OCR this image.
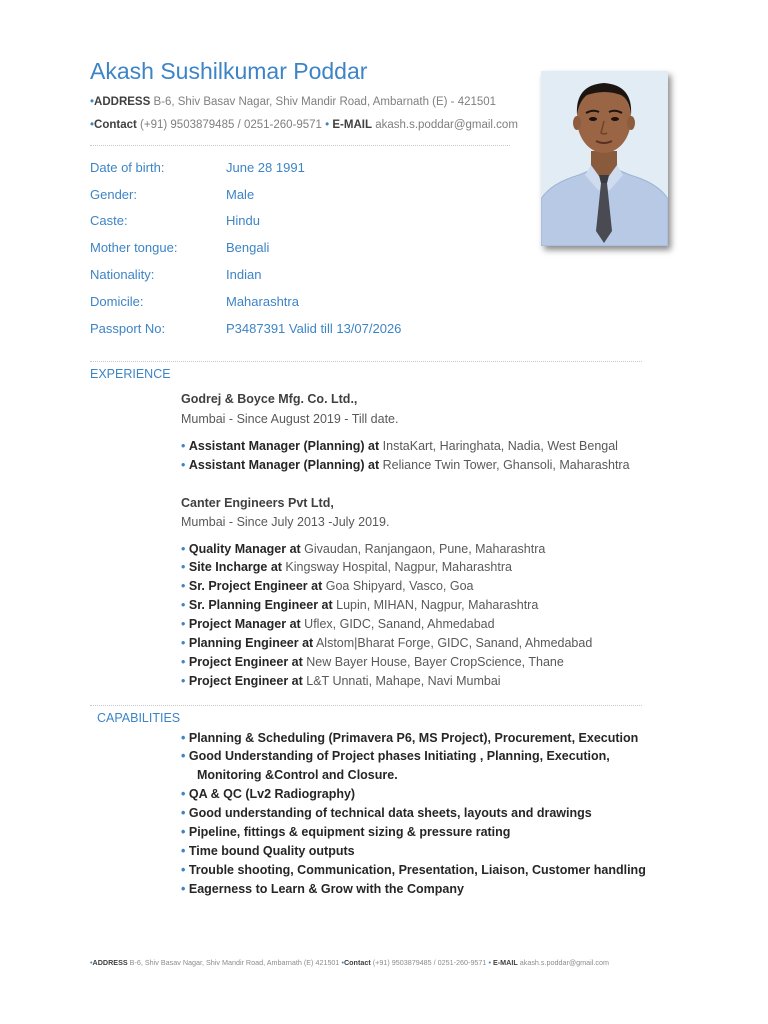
Akash Sushilkumar Poddar
•ADDRESS B-6, Shiv Basav Nagar, Shiv Mandir Road, Ambarnath (E) - 421501
•Contact (+91) 9503879485 / 0251-260-9571 • E-MAIL akash.s.poddar@gmail.com
Date of birth:	June 28 1991
Gender:	Male
Caste:	Hindu
Mother tongue:	Bengali
Nationality:	Indian
Domicile:	Maharashtra
Passport No:	P3487391 Valid till 13/07/2026
EXPERIENCE
Godrej & Boyce Mfg. Co. Ltd.,
Mumbai - Since August 2019 - Till date.
• Assistant Manager (Planning) at InstaKart, Haringhata, Nadia, West Bengal
• Assistant Manager (Planning) at Reliance Twin Tower, Ghansoli, Maharashtra
Canter Engineers Pvt Ltd,
Mumbai - Since July 2013 -July 2019.
• Quality Manager at Givaudan, Ranjangaon, Pune, Maharashtra
• Site Incharge at Kingsway Hospital, Nagpur, Maharashtra
• Sr. Project Engineer at Goa Shipyard, Vasco, Goa
• Sr. Planning Engineer at Lupin, MIHAN, Nagpur, Maharashtra
• Project Manager at Uflex, GIDC, Sanand, Ahmedabad
• Planning Engineer at Alstom|Bharat Forge, GIDC, Sanand, Ahmedabad
• Project Engineer at New Bayer House, Bayer CropScience, Thane
• Project Engineer at L&T Unnati, Mahape, Navi Mumbai
CAPABILITIES
• Planning & Scheduling (Primavera P6, MS Project), Procurement, Execution
• Good Understanding of Project phases Initiating , Planning, Execution,
Monitoring &Control and Closure.
• QA & QC (Lv2 Radiography)
• Good understanding of technical data sheets, layouts and drawings
• Pipeline, fittings & equipment sizing & pressure rating
• Time bound Quality outputs
• Trouble shooting, Communication, Presentation, Liaison, Customer handling
• Eagerness to Learn & Grow with the Company
•ADDRESS B-6, Shiv Basav Nagar, Shiv Mandir Road, Ambarnath (E) 421501 •Contact (+91) 9503879485 / 0251-260-9571 • E-MAIL akash.s.poddar@gmail.com
